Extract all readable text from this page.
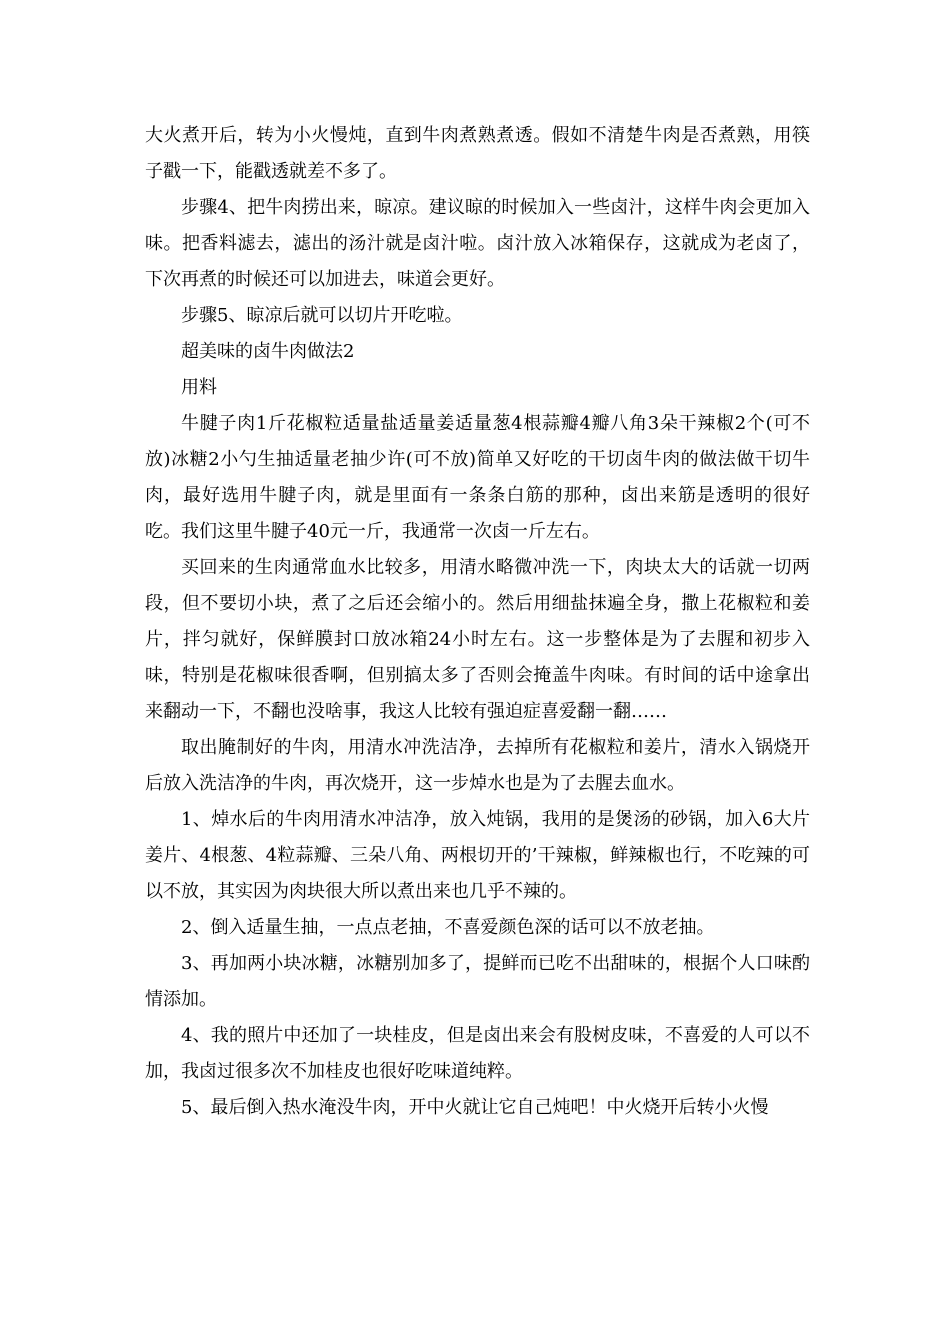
大火煮开后，转为小火慢炖，直到牛肉煮熟煮透。假如不清楚牛肉是否煮熟，用筷子戳一下，能戳透就差不多了。

步骤4、把牛肉捞出来，晾凉。建议晾的时候加入一些卤汁，这样牛肉会更加入味。把香料滤去，滤出的汤汁就是卤汁啦。卤汁放入冰箱保存，这就成为老卤了，下次再煮的时候还可以加进去，味道会更好。

步骤5、晾凉后就可以切片开吃啦。

超美味的卤牛肉做法2

用料

牛腱子肉1斤花椒粒适量盐适量姜适量葱4根蒜瓣4瓣八角3朵干辣椒2个(可不放)冰糖2小勺生抽适量老抽少许(可不放)简单又好吃的干切卤牛肉的做法做干切牛肉，最好选用牛腱子肉，就是里面有一条条白筋的那种，卤出来筋是透明的很好吃。我们这里牛腱子40元一斤，我通常一次卤一斤左右。

买回来的生肉通常血水比较多，用清水略微冲洗一下，肉块太大的话就一切两段，但不要切小块，煮了之后还会缩小的。然后用细盐抹遍全身，撒上花椒粒和姜片，拌匀就好，保鲜膜封口放冰箱24小时左右。这一步整体是为了去腥和初步入味，特别是花椒味很香啊，但别搞太多了否则会掩盖牛肉味。有时间的话中途拿出来翻动一下，不翻也没啥事，我这人比较有强迫症喜爱翻一翻……

取出腌制好的牛肉，用清水冲洗洁净，去掉所有花椒粒和姜片，清水入锅烧开后放入洗洁净的牛肉，再次烧开，这一步焯水也是为了去腥去血水。

1、焯水后的牛肉用清水冲洁净，放入炖锅，我用的是煲汤的砂锅，加入6大片姜片、4根葱、4粒蒜瓣、三朵八角、两根切开的’干辣椒，鲜辣椒也行，不吃辣的可以不放，其实因为肉块很大所以煮出来也几乎不辣的。

2、倒入适量生抽，一点点老抽，不喜爱颜色深的话可以不放老抽。

3、再加两小块冰糖，冰糖别加多了，提鲜而已吃不出甜味的，根据个人口味酌情添加。

4、我的照片中还加了一块桂皮，但是卤出来会有股树皮味，不喜爱的人可以不加，我卤过很多次不加桂皮也很好吃味道纯粹。

5、最后倒入热水淹没牛肉，开中火就让它自己炖吧！中火烧开后转小火慢
